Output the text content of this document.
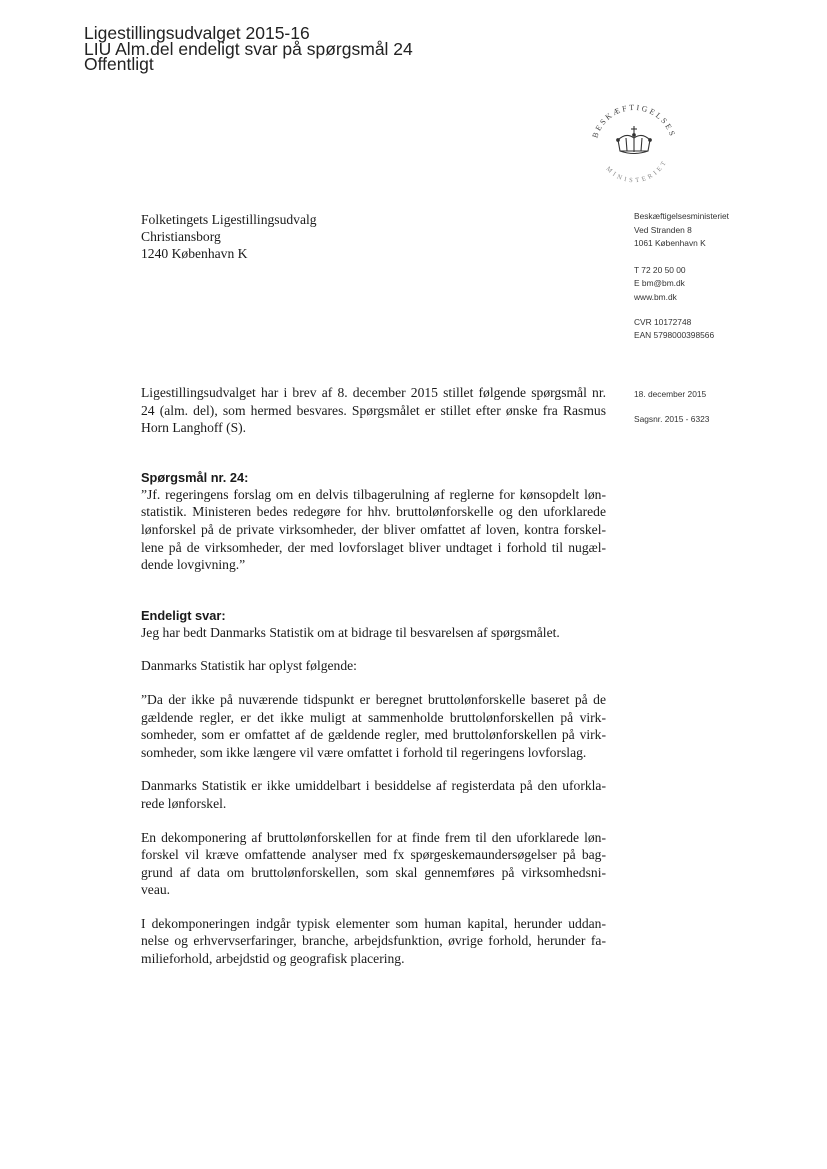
Ligestillingsudvalget 2015-16
LIU Alm.del endeligt svar på spørgsmål 24
Offentligt
BESKÆFTIGELSES
MINISTERIET
Folketingets Ligestillingsudvalg
Christiansborg
1240 København K
Beskæftigelsesministeriet
Ved Stranden 8
1061 København K
T 72 20 50 00
E bm@bm.dk
www.bm.dk
CVR 10172748
EAN 5798000398566
18. december 2015
Sagsnr. 2015 - 6323

Ligestillingsudvalget har i brev af 8. december 2015 stillet følgende spørgsmål nr.
24 (alm. del), som hermed besvares. Spørgsmålet er stillet efter ønske fra Rasmus
Horn Langhoff (S).

Spørgsmål nr. 24:
”Jf. regeringens forslag om en delvis tilbagerulning af reglerne for kønsopdelt løn-
statistik. Ministeren bedes redegøre for hhv. bruttolønforskelle og den uforklarede
lønforskel på de private virksomheder, der bliver omfattet af loven, kontra forskel-
lene på de virksomheder, der med lovforslaget bliver undtaget i forhold til nugæl-
dende lovgivning.”

Endeligt svar:
Jeg har bedt Danmarks Statistik om at bidrage til besvarelsen af spørgsmålet.

Danmarks Statistik har oplyst følgende:

”Da der ikke på nuværende tidspunkt er beregnet bruttolønforskelle baseret på de
gældende regler, er det ikke muligt at sammenholde bruttolønforskellen på virk-
somheder, som er omfattet af de gældende regler, med bruttolønforskellen på virk-
somheder, som ikke længere vil være omfattet i forhold til regeringens lovforslag.

Danmarks Statistik er ikke umiddelbart i besiddelse af registerdata på den uforkla-
rede lønforskel.

En dekomponering af bruttolønforskellen for at finde frem til den uforklarede løn-
forskel vil kræve omfattende analyser med fx spørgeskemaundersøgelser på bag-
grund af data om bruttolønforskellen, som skal gennemføres på virksomhedsni-
veau.

I dekomponeringen indgår typisk elementer som human kapital, herunder uddan-
nelse og erhvervserfaringer, branche, arbejdsfunktion, øvrige forhold, herunder fa-
milieforhold, arbejdstid og geografisk placering.
